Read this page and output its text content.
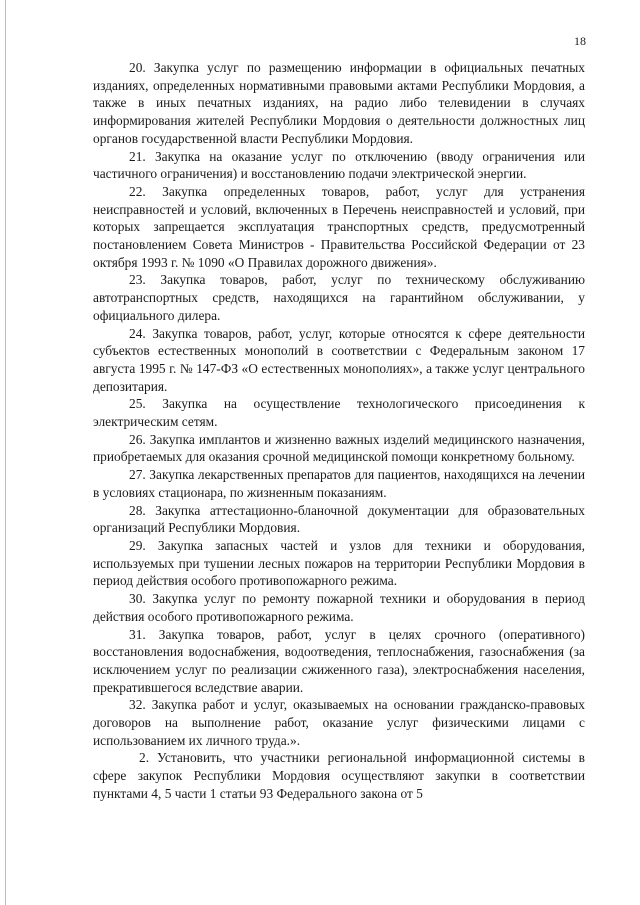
18

20. Закупка услуг по размещению информации в официальных печатных изданиях, определенных нормативными правовыми актами Республики Мордовия, а также в иных печатных изданиях, на радио либо телевидении в случаях информирования жителей Республики Мордовия о деятельности должностных лиц органов государственной власти Республики Мордовия.

21. Закупка на оказание услуг по отключению (вводу ограничения или частичного ограничения) и восстановлению подачи электрической энергии.

22. Закупка определенных товаров, работ, услуг для устранения неисправностей и условий, включенных в Перечень неисправностей и условий, при которых запрещается эксплуатация транспортных средств, предусмотренный постановлением Совета Министров - Правительства Российской Федерации от 23 октября 1993 г. № 1090 «О Правилах дорожного движения».

23. Закупка товаров, работ, услуг по техническому обслуживанию автотранспортных средств, находящихся на гарантийном обслуживании, у официального дилера.

24. Закупка товаров, работ, услуг, которые относятся к сфере деятельности субъектов естественных монополий в соответствии с Федеральным законом 17 августа 1995 г. № 147-ФЗ «О естественных монополиях», а также услуг центрального депозитария.

25. Закупка на осуществление технологического присоединения к электрическим сетям.

26. Закупка имплантов и жизненно важных изделий медицинского назначения, приобретаемых для оказания срочной медицинской помощи конкретному больному.

27. Закупка лекарственных препаратов для пациентов, находящихся на лечении в условиях стационара, по жизненным показаниям.

28. Закупка аттестационно-бланочной документации для образовательных организаций Республики Мордовия.

29. Закупка запасных частей и узлов для техники и оборудования, используемых при тушении лесных пожаров на территории Республики Мордовия в период действия особого противопожарного режима.

30. Закупка услуг по ремонту пожарной техники и оборудования в период действия особого противопожарного режима.

31. Закупка товаров, работ, услуг в целях срочного (оперативного) восстановления водоснабжения, водоотведения, теплоснабжения, газоснабжения (за исключением услуг по реализации сжиженного газа), электроснабжения населения, прекратившегося вследствие аварии.

32. Закупка работ и услуг, оказываемых на основании гражданско-правовых договоров на выполнение работ, оказание услуг физическими лицами с использованием их личного труда.».

2. Установить, что участники региональной информационной системы в сфере закупок Республики Мордовия осуществляют закупки в соответствии пунктами 4, 5 части 1 статьи 93 Федерального закона от 5
